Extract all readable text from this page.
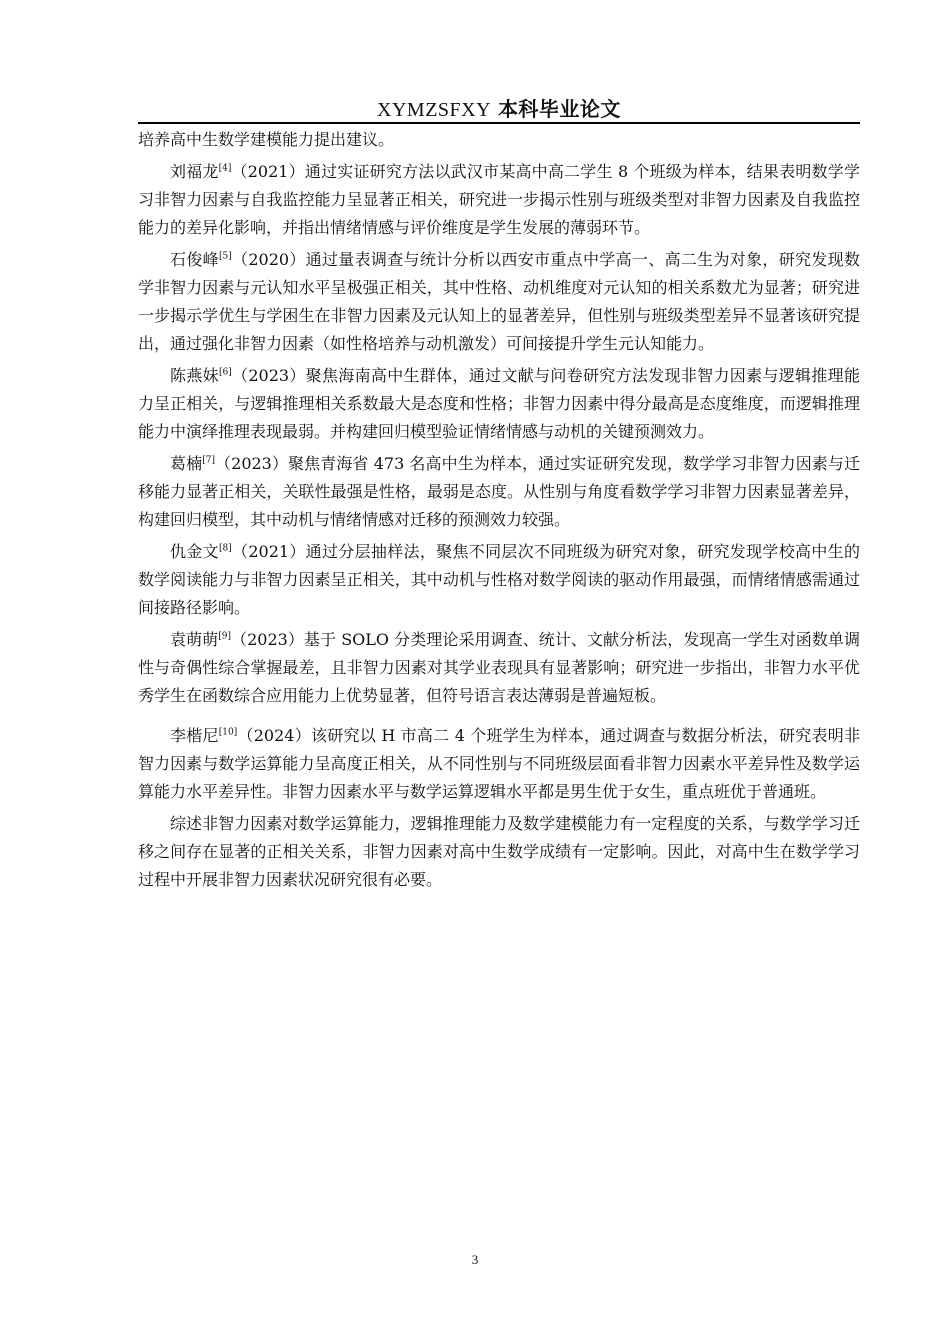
XYMZSFXY 本科毕业论文

培养高中生数学建模能力提出建议。

刘福龙[4]（2021）通过实证研究方法以武汉市某高中高二学生 8 个班级为样本，结果表明数学学习非智力因素与自我监控能力呈显著正相关，研究进一步揭示性别与班级类型对非智力因素及自我监控能力的差异化影响，并指出情绪情感与评价维度是学生发展的薄弱环节。

石俊峰[5]（2020）通过量表调查与统计分析以西安市重点中学高一、高二生为对象，研究发现数学非智力因素与元认知水平呈极强正相关，其中性格、动机维度对元认知的相关系数尤为显著；研究进一步揭示学优生与学困生在非智力因素及元认知上的显著差异，但性别与班级类型差异不显著该研究提出，通过强化非智力因素（如性格培养与动机激发）可间接提升学生元认知能力。

陈燕妹[6]（2023）聚焦海南高中生群体，通过文献与问卷研究方法发现非智力因素与逻辑推理能力呈正相关，与逻辑推理相关系数最大是态度和性格；非智力因素中得分最高是态度维度，而逻辑推理能力中演绎推理表现最弱。并构建回归模型验证情绪情感与动机的关键预测效力。

葛楠[7]（2023）聚焦青海省 473 名高中生为样本，通过实证研究发现，数学学习非智力因素与迁移能力显著正相关，关联性最强是性格，最弱是态度。从性别与角度看数学学习非智力因素显著差异，构建回归模型，其中动机与情绪情感对迁移的预测效力较强。

仇金文[8]（2021）通过分层抽样法，聚焦不同层次不同班级为研究对象，研究发现学校高中生的数学阅读能力与非智力因素呈正相关，其中动机与性格对数学阅读的驱动作用最强，而情绪情感需通过间接路径影响。

袁萌萌[9]（2023）基于 SOLO 分类理论采用调查、统计、文献分析法，发现高一学生对函数单调性与奇偶性综合掌握最差，且非智力因素对其学业表现具有显著影响；研究进一步指出，非智力水平优秀学生在函数综合应用能力上优势显著，但符号语言表达薄弱是普遍短板。

李楷尼[10]（2024）该研究以 H 市高二 4 个班学生为样本，通过调查与数据分析法，研究表明非智力因素与数学运算能力呈高度正相关，从不同性别与不同班级层面看非智力因素水平差异性及数学运算能力水平差异性。非智力因素水平与数学运算逻辑水平都是男生优于女生，重点班优于普通班。

综述非智力因素对数学运算能力，逻辑推理能力及数学建模能力有一定程度的关系，与数学学习迁移之间存在显著的正相关关系，非智力因素对高中生数学成绩有一定影响。因此，对高中生在数学学习过程中开展非智力因素状况研究很有必要。

3
